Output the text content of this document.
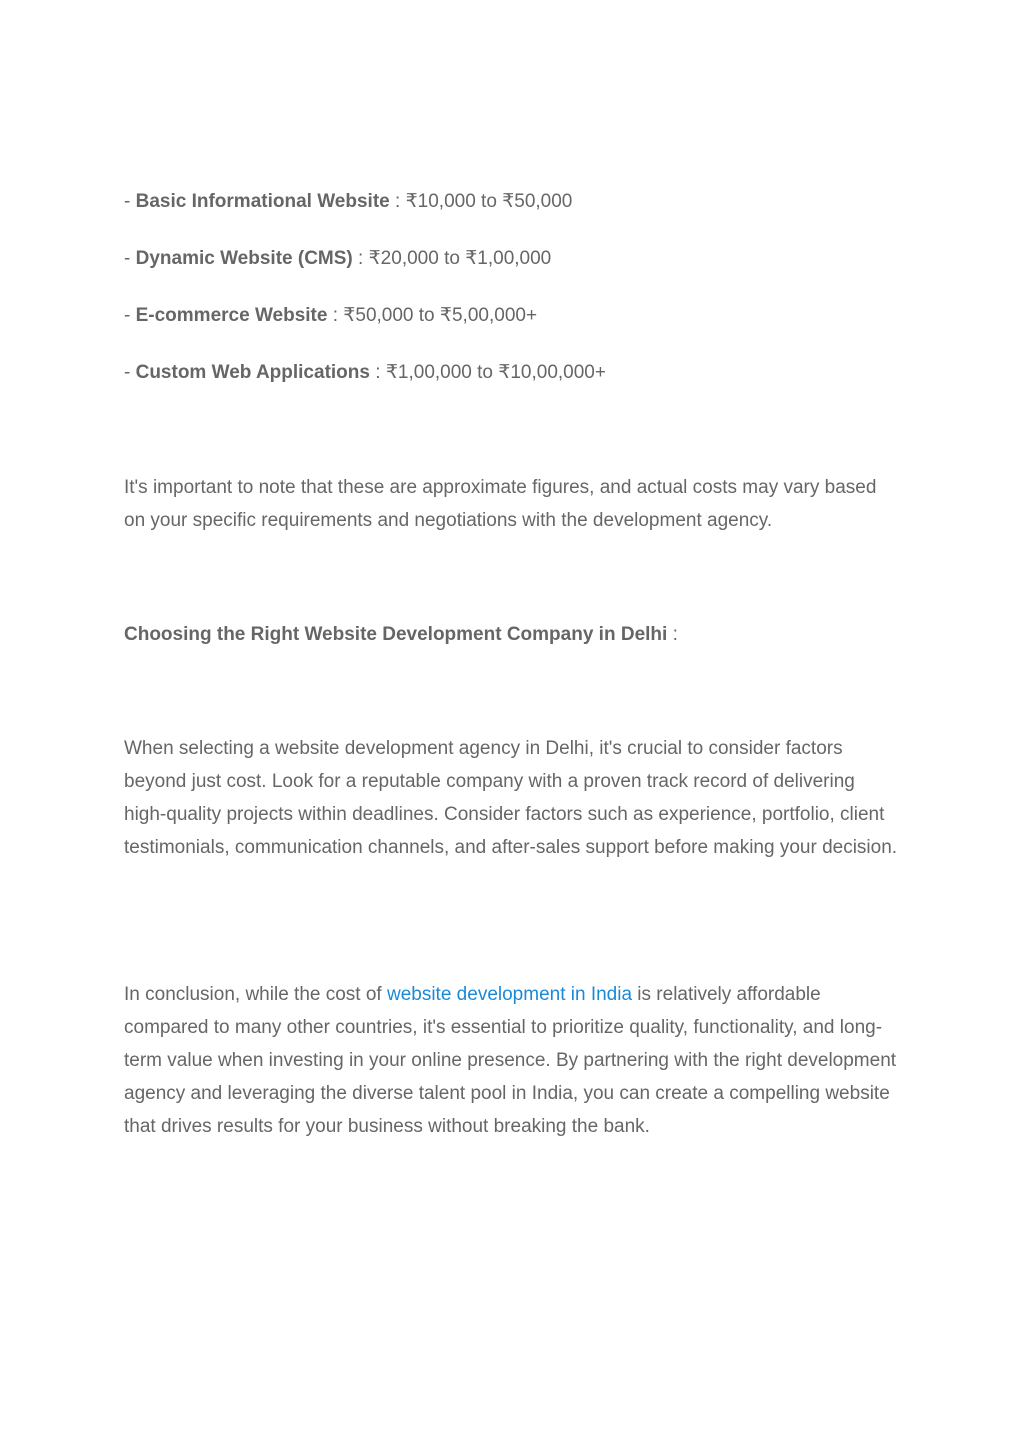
- Basic Informational Website : ₹10,000 to ₹50,000

- Dynamic Website (CMS) : ₹20,000 to ₹1,00,000

- E-commerce Website : ₹50,000 to ₹5,00,000+

- Custom Web Applications : ₹1,00,000 to ₹10,00,000+

It's important to note that these are approximate figures, and actual costs may vary based on your specific requirements and negotiations with the development agency.

Choosing the Right Website Development Company in Delhi :

When selecting a website development agency in Delhi, it's crucial to consider factors beyond just cost. Look for a reputable company with a proven track record of delivering high-quality projects within deadlines. Consider factors such as experience, portfolio, client testimonials, communication channels, and after-sales support before making your decision.

In conclusion, while the cost of website development in India is relatively affordable compared to many other countries, it's essential to prioritize quality, functionality, and long-term value when investing in your online presence. By partnering with the right development agency and leveraging the diverse talent pool in India, you can create a compelling website that drives results for your business without breaking the bank.
